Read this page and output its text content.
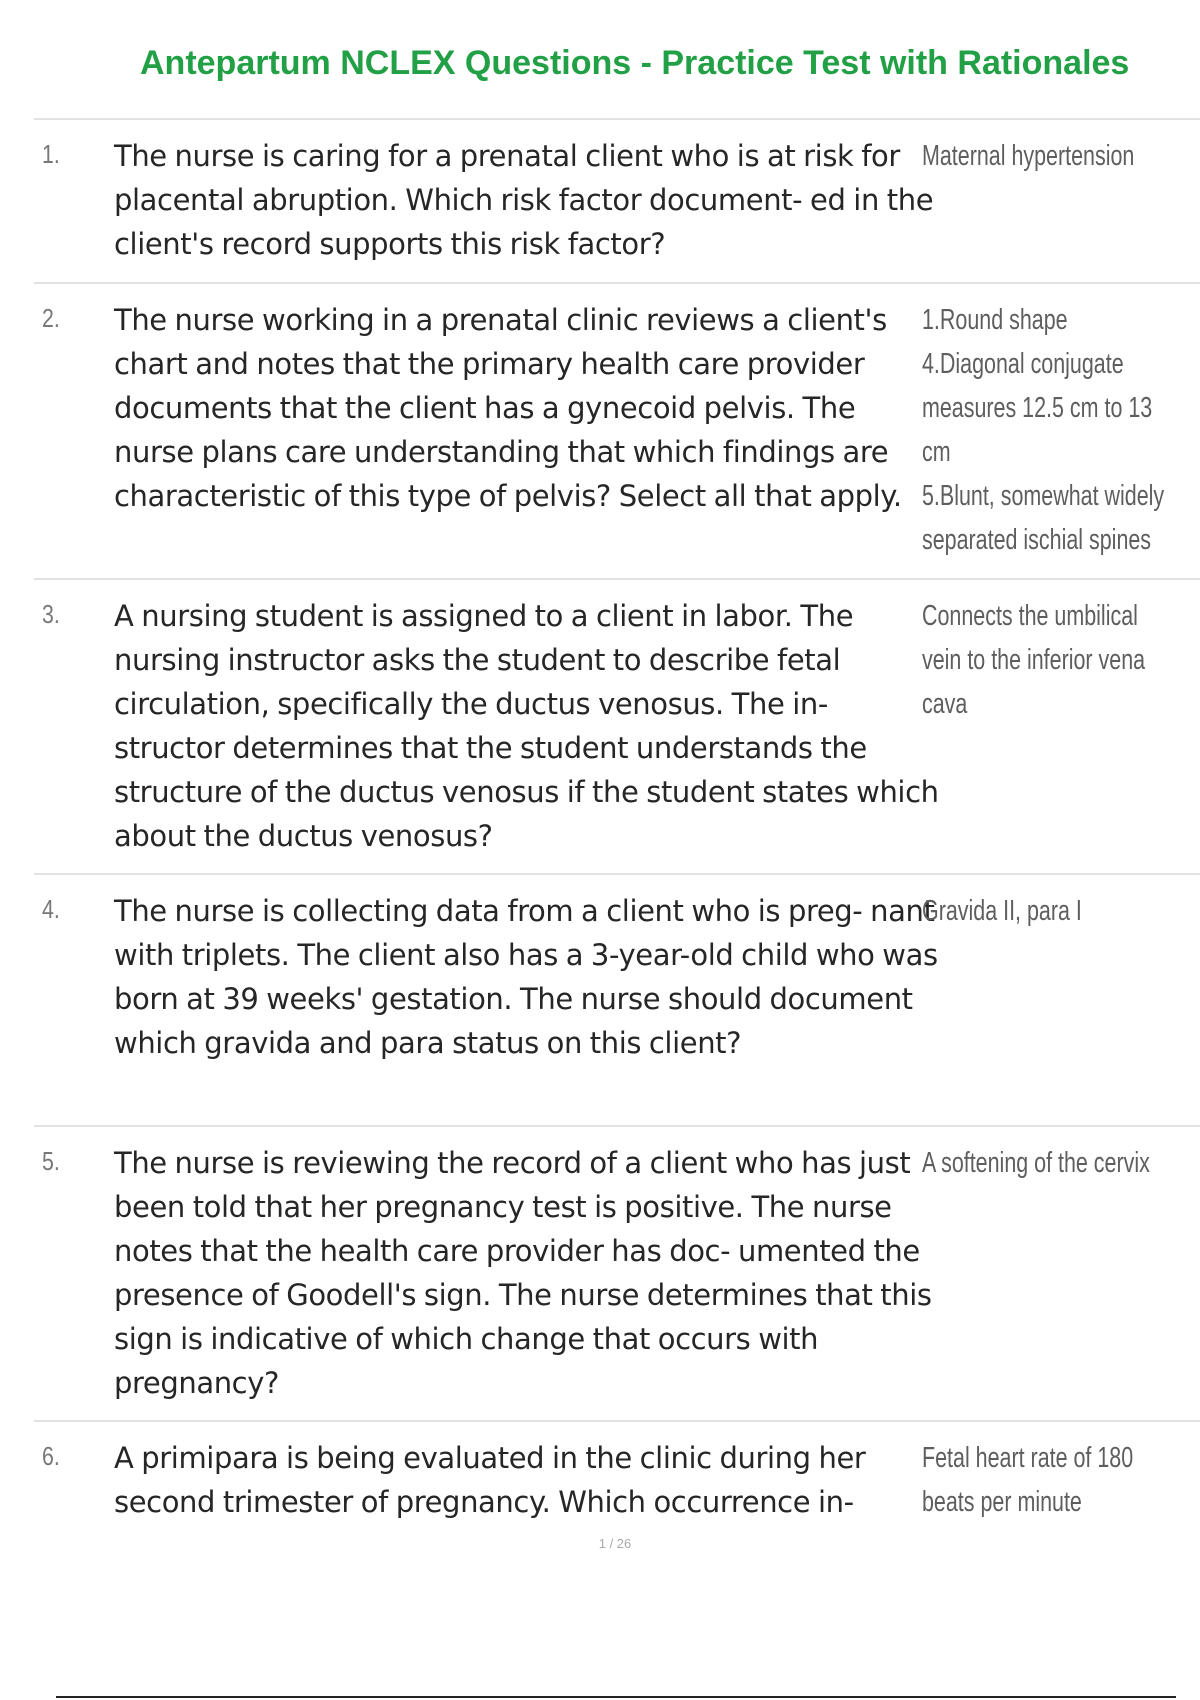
Antepartum NCLEX Questions - Practice Test with Rationales
1. The nurse is caring for a prenatal client who is at risk for placental abruption. Which risk factor document- ed in the client's record supports this risk factor?
Maternal hypertension
2. The nurse working in a prenatal clinic reviews a client's chart and notes that the primary health care provider documents that the client has a gynecoid pelvis. The nurse plans care understanding that which findings are characteristic of this type of pelvis? Select all that apply.
1.Round shape
4.Diagonal conjugate measures 12.5 cm to 13 cm
5.Blunt, somewhat widely separated ischial spines
3. A nursing student is assigned to a client in labor. The nursing instructor asks the student to describe fetal circulation, specifically the ductus venosus. The in- structor determines that the student understands the structure of the ductus venosus if the student states which about the ductus venosus?
Connects the umbilical vein to the inferior vena cava
4. The nurse is collecting data from a client who is preg- nant with triplets. The client also has a 3-year-old child who was born at 39 weeks' gestation. The nurse should document which gravida and para status on this client?
Gravida II, para I
5. The nurse is reviewing the record of a client who has just been told that her pregnancy test is positive. The nurse notes that the health care provider has doc- umented the presence of Goodell's sign. The nurse determines that this sign is indicative of which change that occurs with pregnancy?
A softening of the cervix
6. A primipara is being evaluated in the clinic during her second trimester of pregnancy. Which occurrence in-
Fetal heart rate of 180 beats per minute
1 / 26
